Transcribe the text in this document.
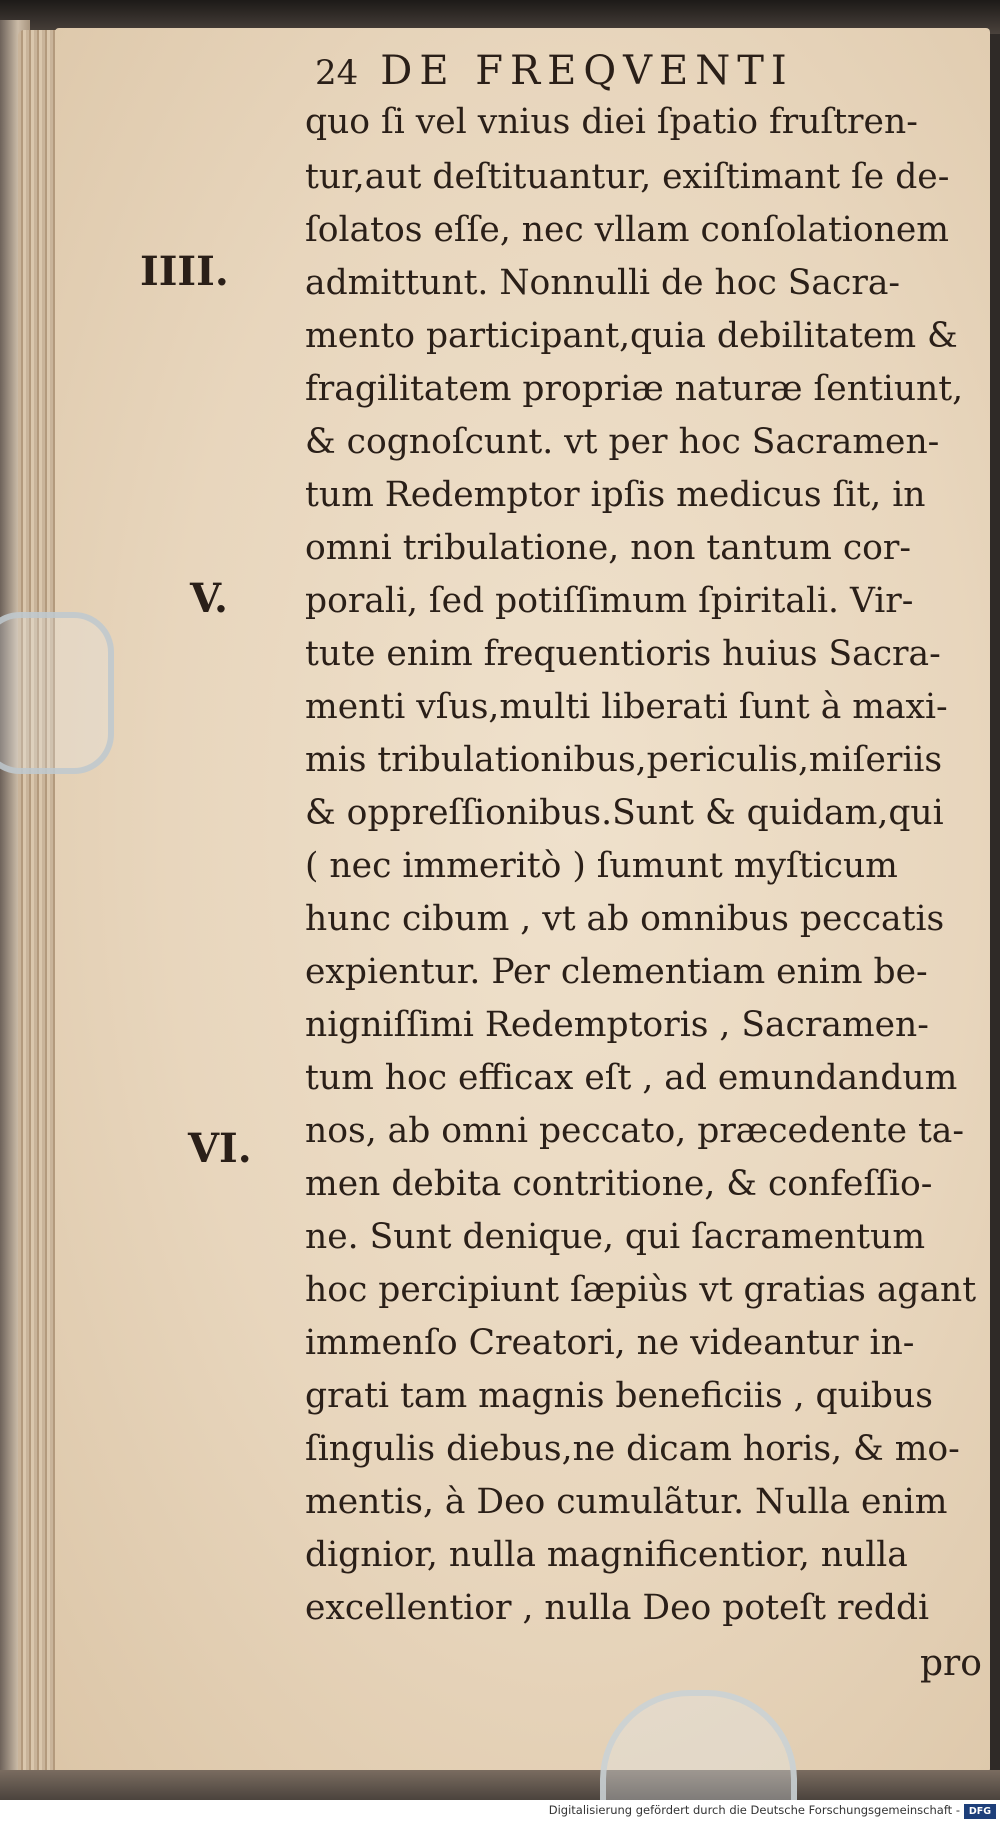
24 DE FREQVENTI
IIII.
V.
VI.
quo ſi vel vnius diei ſpatio fruſtren-
tur,aut deſtituantur, exiſtimant ſe de-
ſolatos eſſe, nec vllam conſolationem
admittunt. Nonnulli de hoc Sacra-
mento participant,quia debilitatem &
fragilitatem propriæ naturæ ſentiunt,
& cognoſcunt. vt per hoc Sacramen-
tum Redemptor ipſis medicus ſit, in
omni tribulatione, non tantum cor-
porali, ſed potiſſimum ſpiritali. Vir-
tute enim frequentioris huius Sacra-
menti vſus,multi liberati ſunt à maxi-
mis tribulationibus,periculis,miſeriis
& oppreſſionibus.Sunt & quidam,qui
( nec immeritò ) ſumunt myſticum
hunc cibum , vt ab omnibus peccatis
expientur. Per clementiam enim be-
nigniſſimi Redemptoris , Sacramen-
tum hoc efficax eſt , ad emundandum
nos, ab omni peccato, præcedente ta-
men debita contritione, & confeſſio-
ne. Sunt denique, qui ſacramentum
hoc percipiunt ſæpiùs vt gratias agant
immenſo Creatori, ne videantur in-
grati tam magnis beneficiis , quibus
ſingulis diebus,ne dicam horis, & mo-
mentis, à Deo cumulãtur. Nulla enim
dignior, nulla magnificentior, nulla
excellentior , nulla Deo poteſt reddi
pro
Digitalisierung gefördert durch die Deutsche Forschungsgemeinschaft - DFG
